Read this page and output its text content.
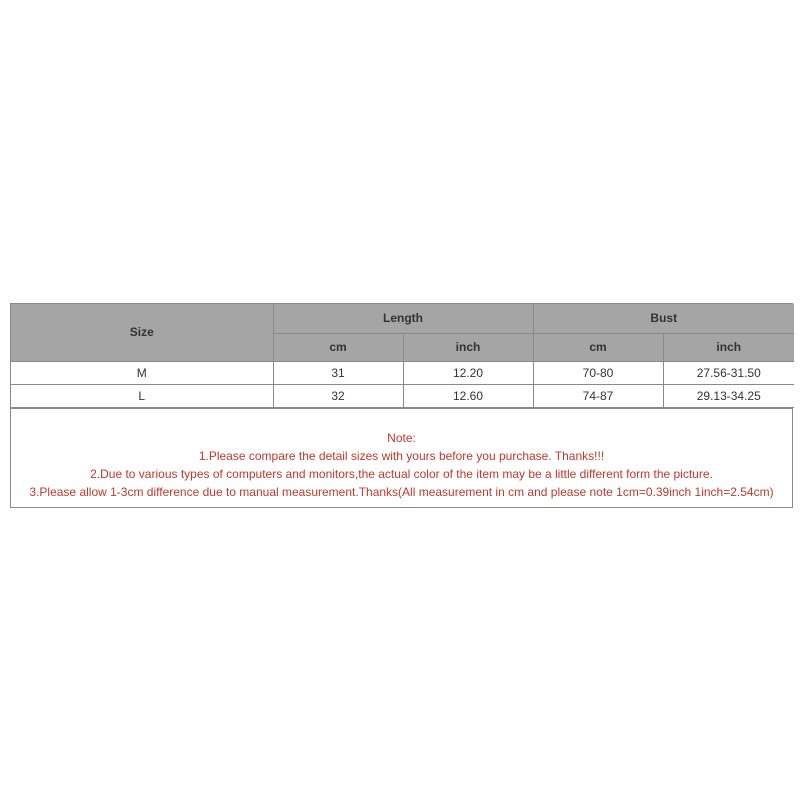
Size	Length		Bust	
	cm	inch	cm	inch
M	31	12.20	70-80	27.56-31.50
L	32	12.60	74-87	29.13-34.25
Note:
1.Please compare the detail sizes with yours before you purchase. Thanks!!!
2.Due to various types of computers and monitors,the actual color of the item may be a little different form the picture.
3.Please allow 1-3cm difference due to manual measurement.Thanks(All measurement in cm and please note 1cm=0.39inch 1inch=2.54cm)
